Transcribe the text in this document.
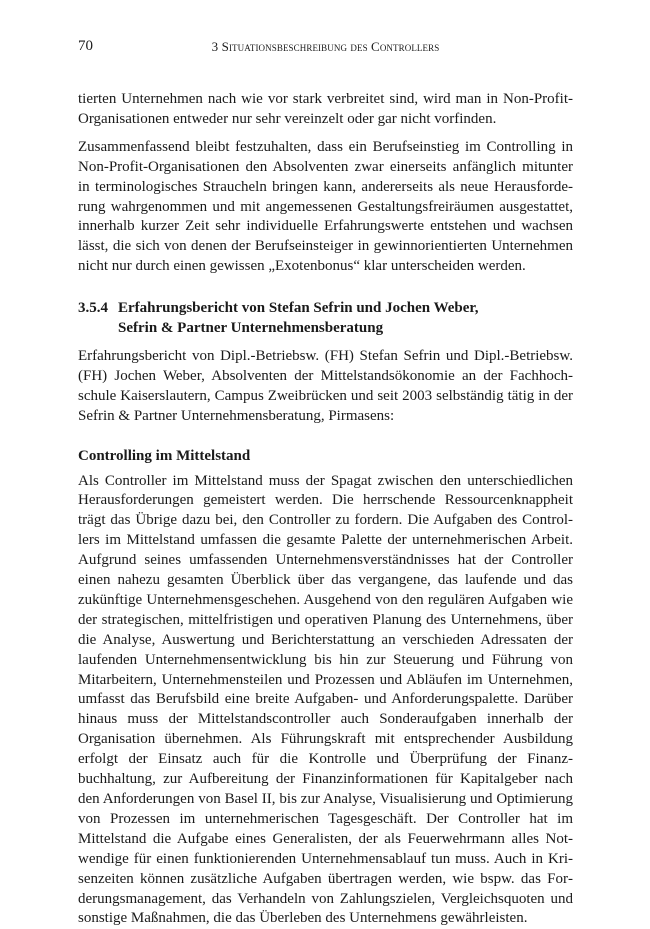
70	3 Situationsbeschreibung des Controllers

tierten Unternehmen nach wie vor stark verbreitet sind, wird man in Non-Profit-Organisationen entweder nur sehr vereinzelt oder gar nicht vorfinden.

Zusammenfassend bleibt festzuhalten, dass ein Berufseinstieg im Controlling in Non-Profit-Organisationen den Absolventen zwar einerseits anfänglich mitunter in terminologisches Straucheln bringen kann, andererseits als neue Herausforderung wahrgenommen und mit angemessenen Gestaltungsfreiräumen ausgestattet, innerhalb kurzer Zeit sehr individuelle Erfahrungswerte entstehen und wachsen lässt, die sich von denen der Berufseinsteiger in gewinnorientierten Unternehmen nicht nur durch einen gewissen „Exotenbonus“ klar unterscheiden werden.

3.5.4 Erfahrungsbericht von Stefan Sefrin und Jochen Weber,
Sefrin & Partner Unternehmensberatung

Erfahrungsbericht von Dipl.-Betriebsw. (FH) Stefan Sefrin und Dipl.-Betriebsw. (FH) Jochen Weber, Absolventen der Mittelstandsökonomie an der Fachhochschule Kaiserslautern, Campus Zweibrücken und seit 2003 selbständig tätig in der Sefrin & Partner Unternehmensberatung, Pirmasens:

Controlling im Mittelstand

Als Controller im Mittelstand muss der Spagat zwischen den unterschiedlichen Herausforderungen gemeistert werden. Die herrschende Ressourcenknappheit trägt das Übrige dazu bei, den Controller zu fordern. Die Aufgaben des Controllers im Mittelstand umfassen die gesamte Palette der unternehmerischen Arbeit. Aufgrund seines umfassenden Unternehmensverständnisses hat der Controller einen nahezu gesamten Überblick über das vergangene, das laufende und das zukünftige Unternehmensgeschehen. Ausgehend von den regulären Aufgaben wie der strategischen, mittelfristigen und operativen Planung des Unternehmens, über die Analyse, Auswertung und Berichterstattung an verschieden Adressaten der laufenden Unternehmensentwicklung bis hin zur Steuerung und Führung von Mitarbeitern, Unternehmensteilen und Prozessen und Abläufen im Unternehmen, umfasst das Berufsbild eine breite Aufgaben- und Anforderungspalette. Darüber hinaus muss der Mittelstandscontroller auch Sonderaufgaben innerhalb der Organisation übernehmen. Als Führungskraft mit entsprechender Ausbildung erfolgt der Einsatz auch für die Kontrolle und Überprüfung der Finanzbuchhaltung, zur Aufbereitung der Finanzinformationen für Kapitalgeber nach den Anforderungen von Basel II, bis zur Analyse, Visualisierung und Optimierung von Prozessen im unternehmerischen Tagesgeschäft. Der Controller hat im Mittelstand die Aufgabe eines Generalisten, der als Feuerwehrmann alles Notwendige für einen funktionierenden Unternehmensablauf tun muss. Auch in Krisenzeiten können zusätzliche Aufgaben übertragen werden, wie bspw. das Forderungsmanagement, das Verhandeln von Zahlungszielen, Vergleichsquoten und sonstige Maßnahmen, die das Überleben des Unternehmens gewährleisten.
